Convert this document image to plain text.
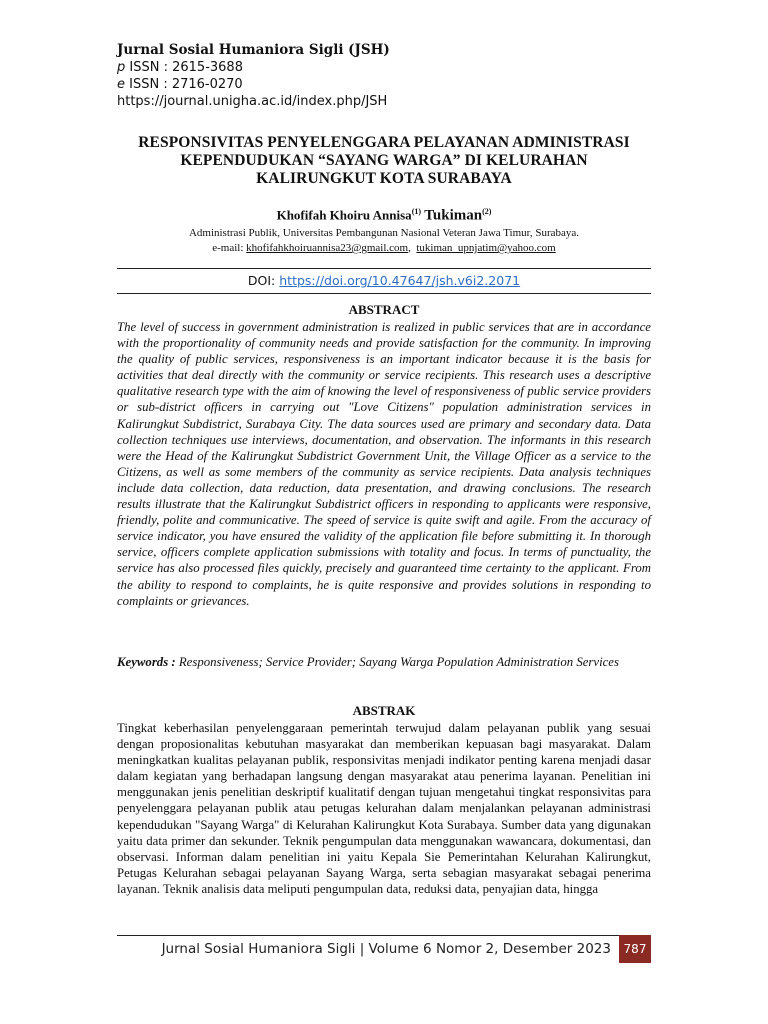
Jurnal Sosial Humaniora Sigli (JSH)
p ISSN : 2615-3688
e ISSN : 2716-0270
https://journal.unigha.ac.id/index.php/JSH
RESPONSIVITAS PENYELENGGARA PELAYANAN ADMINISTRASI
KEPENDUDUKAN “SAYANG WARGA” DI KELURAHAN
KALIRUNGKUT KOTA SURABAYA
Khofifah Khoiru Annisa$^{(1)}$ Tukiman$^{(2)}$
Administrasi Publik, Universitas Pembangunan Nasional Veteran Jawa Timur, Surabaya.
e-mail: khofifahkhoiruannisa23@gmail.com,  tukiman_upnjatim@yahoo.com
DOI: https://doi.org/10.47647/jsh.v6i2.2071
ABSTRACT
The level of success in government administration is realized in public services that are in accordance with the proportionality of community needs and provide satisfaction for the community. In improving the quality of public services, responsiveness is an important indicator because it is the basis for activities that deal directly with the community or service recipients. This research uses a descriptive qualitative research type with the aim of knowing the level of responsiveness of public service providers or sub-district officers in carrying out "Love Citizens" population administration services in Kalirungkut Subdistrict, Surabaya City. The data sources used are primary and secondary data. Data collection techniques use interviews, documentation, and observation. The informants in this research were the Head of the Kalirungkut Subdistrict Government Unit, the Village Officer as a service to the Citizens, as well as some members of the community as service recipients. Data analysis techniques include data collection, data reduction, data presentation, and drawing conclusions. The research results illustrate that the Kalirungkut Subdistrict officers in responding to applicants were responsive, friendly, polite and communicative. The speed of service is quite swift and agile. From the accuracy of service indicator, you have ensured the validity of the application file before submitting it. In thorough service, officers complete application submissions with totality and focus. In terms of punctuality, the service has also processed files quickly, precisely and guaranteed time certainty to the applicant. From the ability to respond to complaints, he is quite responsive and provides solutions in responding to complaints or grievances.
Keywords : Responsiveness; Service Provider; Sayang Warga Population Administration Services
ABSTRAK
Tingkat keberhasilan penyelenggaraan pemerintah terwujud dalam pelayanan publik yang sesuai dengan proposionalitas kebutuhan masyarakat dan memberikan kepuasan bagi masyarakat. Dalam meningkatkan kualitas pelayanan publik, responsivitas menjadi indikator penting karena menjadi dasar dalam kegiatan yang berhadapan langsung dengan masyarakat atau penerima layanan. Penelitian ini menggunakan jenis penelitian deskriptif kualitatif dengan tujuan mengetahui tingkat responsivitas para penyelenggara pelayanan publik atau petugas kelurahan dalam menjalankan pelayanan administrasi kependudukan "Sayang Warga" di Kelurahan Kalirungkut Kota Surabaya. Sumber data yang digunakan yaitu data primer dan sekunder. Teknik pengumpulan data menggunakan wawancara, dokumentasi, dan observasi. Informan dalam penelitian ini yaitu Kepala Sie Pemerintahan Kelurahan Kalirungkut, Petugas Kelurahan sebagai pelayanan Sayang Warga, serta sebagian masyarakat sebagai penerima layanan. Teknik analisis data meliputi pengumpulan data, reduksi data, penyajian data, hingga
Jurnal Sosial Humaniora Sigli | Volume 6 Nomor 2, Desember 2023	787
